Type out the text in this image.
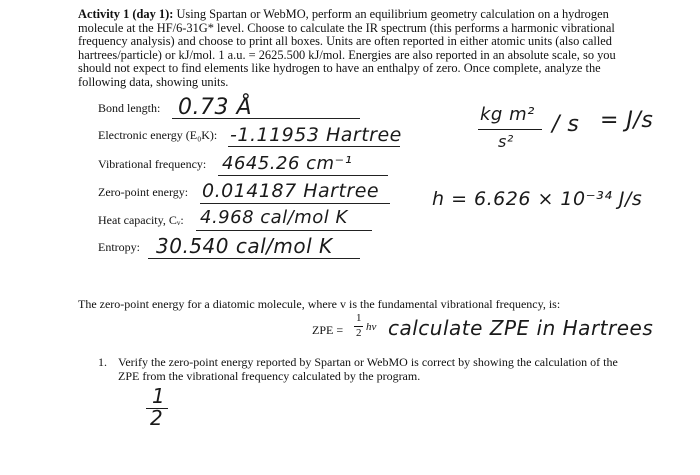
Activity 1 (day 1): Using Spartan or WebMO, perform an equilibrium geometry calculation on a hydrogen molecule at the HF/6-31G* level. Choose to calculate the IR spectrum (this performs a harmonic vibrational frequency analysis) and choose to print all boxes. Units are often reported in either atomic units (also called hartrees/particle) or kJ/mol. 1 a.u. = 2625.500 kJ/mol. Energies are also reported in an absolute scale, so you should not expect to find elements like hydrogen to have an enthalpy of zero. Once complete, analyze the following data, showing units.
Bond length:
Electronic energy (E₀K):
Vibrational frequency:
Zero-point energy:
Heat capacity, Cᵥ:
Entropy:
0.73 Å
-1.11953 Hartree
4645.26 cm⁻¹
0.014187 Hartree
4.968 cal/mol K
30.540 cal/mol K
kg m²
s²
/ s = J/s
h = 6.626 × 10⁻³⁴ J/s
The zero-point energy for a diatomic molecule, where v is the fundamental vibrational frequency, is:
ZPE =
1
2 hν calculate ZPE in Hartrees
1. Verify the zero-point energy reported by Spartan or WebMO is correct by showing the calculation of the ZPE from the vibrational frequency calculated by the program.
1
2
